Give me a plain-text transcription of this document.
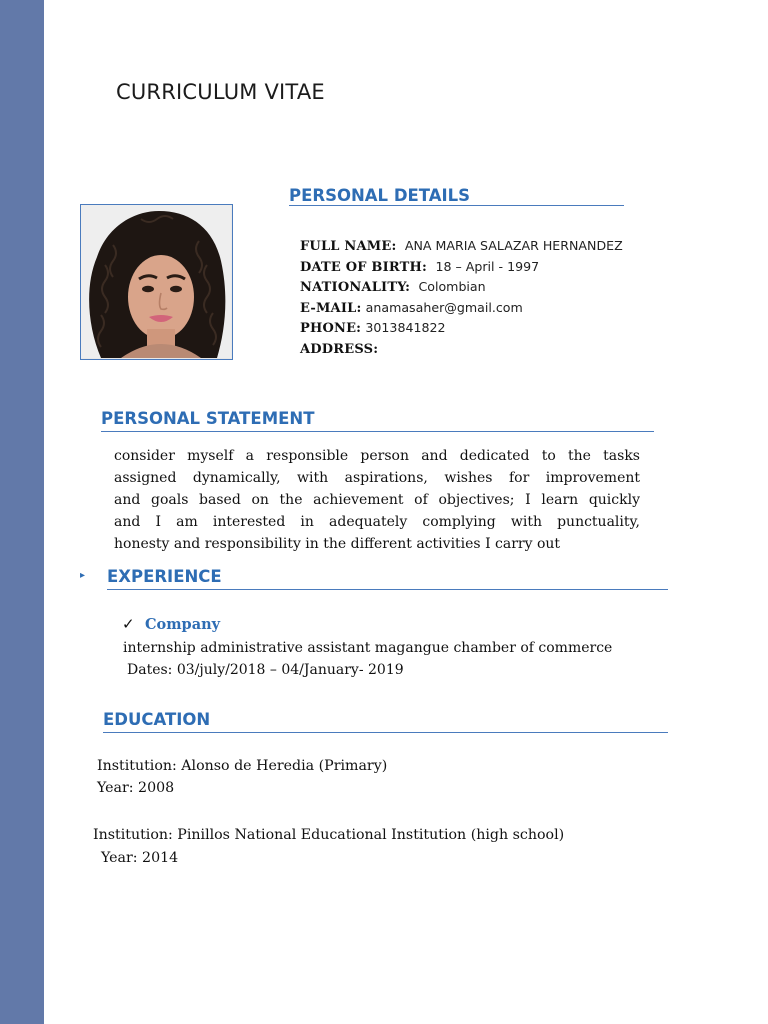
CURRICULUM VITAE
PERSONAL DETAILS
FULL NAME: ANA MARIA SALAZAR HERNANDEZ
DATE OF BIRTH: 18 – April - 1997
NATIONALITY: Colombian
E-MAIL: anamasaher@gmail.com
PHONE: 3013841822
ADDRESS:
PERSONAL STATEMENT
consider myself a responsible person and dedicated to the tasks
assigned dynamically, with aspirations, wishes for improvement
and goals based on the achievement of objectives; I learn quickly
and I am interested in adequately complying with punctuality,
honesty and responsibility in the different activities I carry out
▸ EXPERIENCE
✓ Company
internship administrative assistant magangue chamber of commerce
Dates: 03/july/2018 – 04/January- 2019
EDUCATION
Institution: Alonso de Heredia (Primary)
Year: 2008
Institution: Pinillos National Educational Institution (high school)
Year: 2014
